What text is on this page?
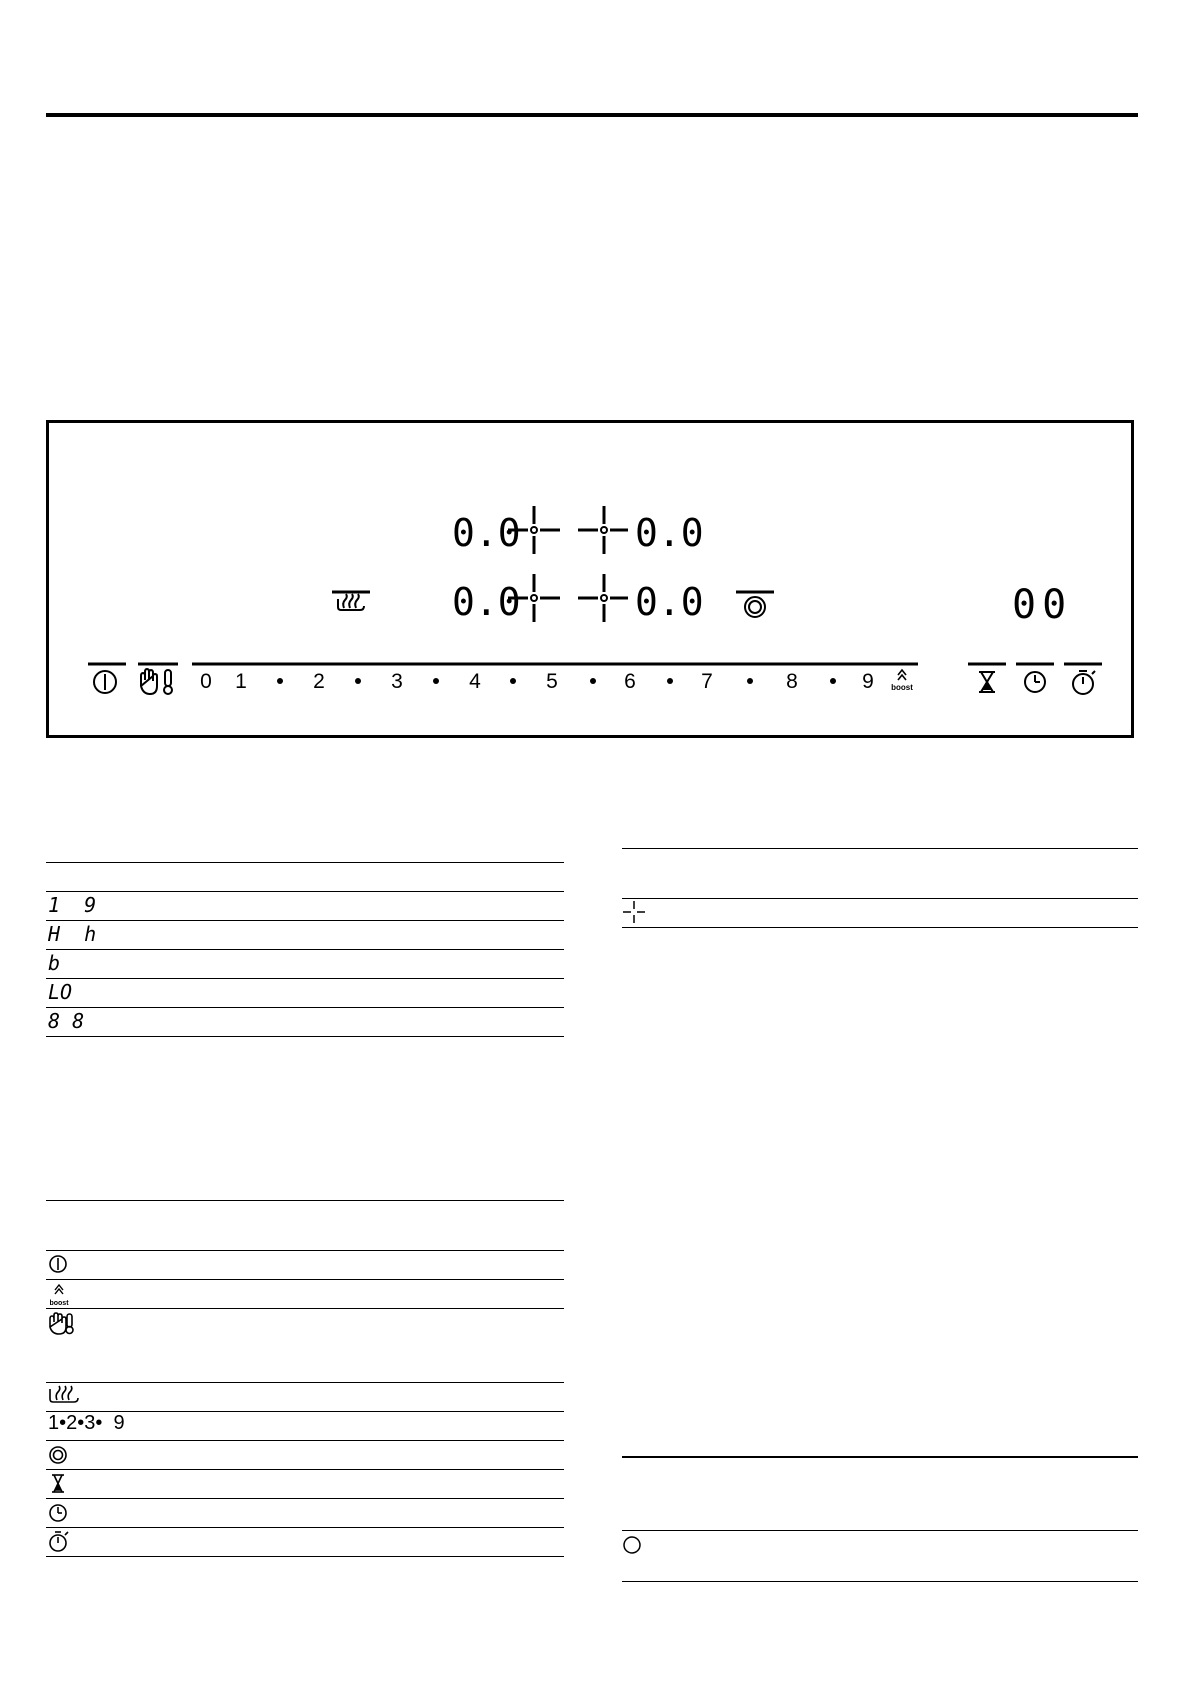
0.0	0.0
0.0	0.0	00
boost
0 1	2	3	4	5	6	7	8	9
1  9
H  h
b
LO
8 8
boost
1•2•3•  9
